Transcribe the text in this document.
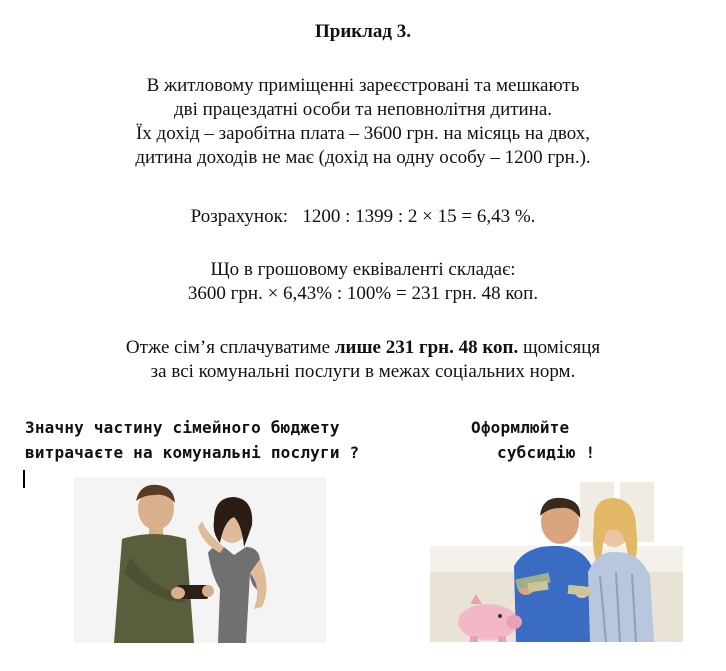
Приклад 3.
В житловому приміщенні зареєстровані та мешкають
дві працездатні особи та неповнолітня дитина.
Їх дохід – заробітна плата – 3600 грн. на місяць на двох,
дитина доходів не має (дохід на одну особу – 1200 грн.).
Розрахунок:   1200 : 1399 : 2 × 15 = 6,43 %.
Що в грошовому еквіваленті складає:
3600 грн. × 6,43% : 100% = 231 грн. 48 коп.
Отже сім’я сплачуватиме лише 231 грн. 48 коп. щомісяця
за всі комунальні послуги в межах соціальних норм.
Значну частину сімейного бюджету
витрачаєте на комунальні послуги ?
Оформлюйте
субсидію !
